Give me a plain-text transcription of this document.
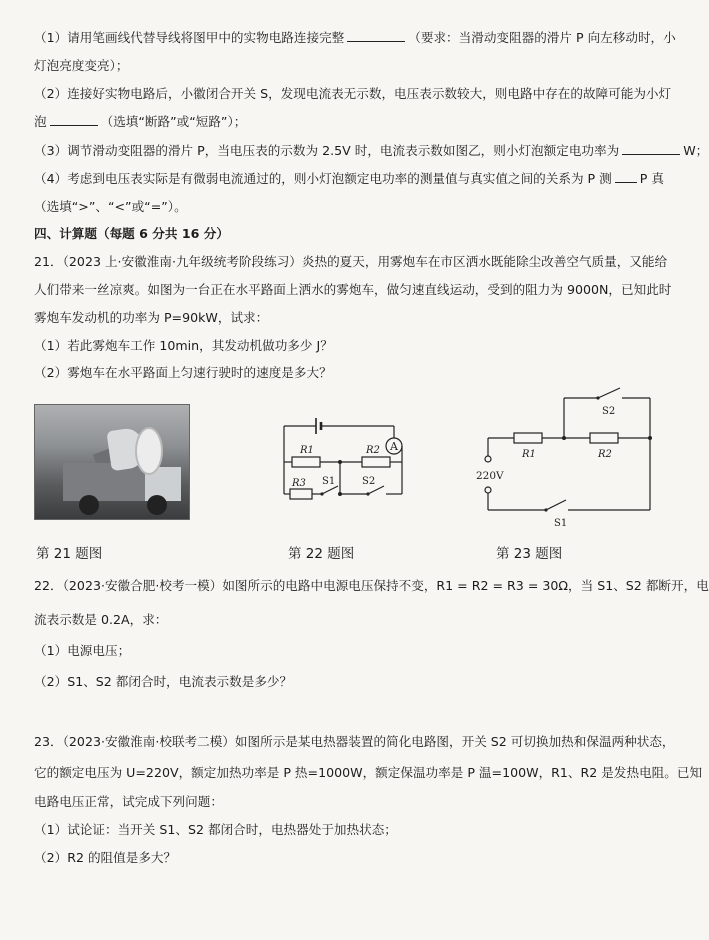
（1）请用笔画线代替导线将图甲中的实物电路连接完整	（要求：当滑动变阻器的滑片 P 向左移动时，小
灯泡亮度变亮）；
（2）连接好实物电路后，小徽闭合开关 S，发现电流表无示数，电压表示数较大，则电路中存在的故障可能为小灯
泡	（选填“断路”或“短路”）；
（3）调节滑动变阻器的滑片 P，当电压表的示数为 2.5V 时，电流表示数如图乙，则小灯泡额定电功率为	W；
（4）考虑到电压表实际是有微弱电流通过的，则小灯泡额定电功率的测量值与真实值之间的关系为 P 测 P 真
（选填“>”、“<”或“=”）。
四、计算题（每题 6 分共 16 分）
21．（2023 上·安徽淮南·九年级统考阶段练习）炎热的夏天，用雾炮车在市区洒水既能除尘改善空气质量，又能给
人们带来一丝凉爽。如图为一台正在水平路面上洒水的雾炮车，做匀速直线运动，受到的阻力为 9000N，已知此时
雾炮车发动机的功率为 P=90kW，试求：
（1）若此雾炮车工作 10min，其发动机做功多少 J？
（2）雾炮车在水平路面上匀速行驶时的速度是多大？
A
R1	R2
R3 S1	S2
S2
R1	R2
220V
S1
第 21 题图	第 22 题图	第 23 题图
22．（2023·安徽合肥·校考一模）如图所示的电路中电源电压保持不变，R1 = R2 = R3 = 30Ω，当 S1、S2 都断开，电
流表示数是 0.2A，求：
（1）电源电压；
（2）S1、S2 都闭合时，电流表示数是多少？
23．（2023·安徽淮南·校联考二模）如图所示是某电热器装置的简化电路图，开关 S2 可切换加热和保温两种状态，
它的额定电压为 U=220V，额定加热功率是 P 热=1000W，额定保温功率是 P 温=100W，R1、R2 是发热电阻。已知
电路电压正常，试完成下列问题：
（1）试论证：当开关 S1、S2 都闭合时，电热器处于加热状态；
（2）R2 的阻值是多大？
